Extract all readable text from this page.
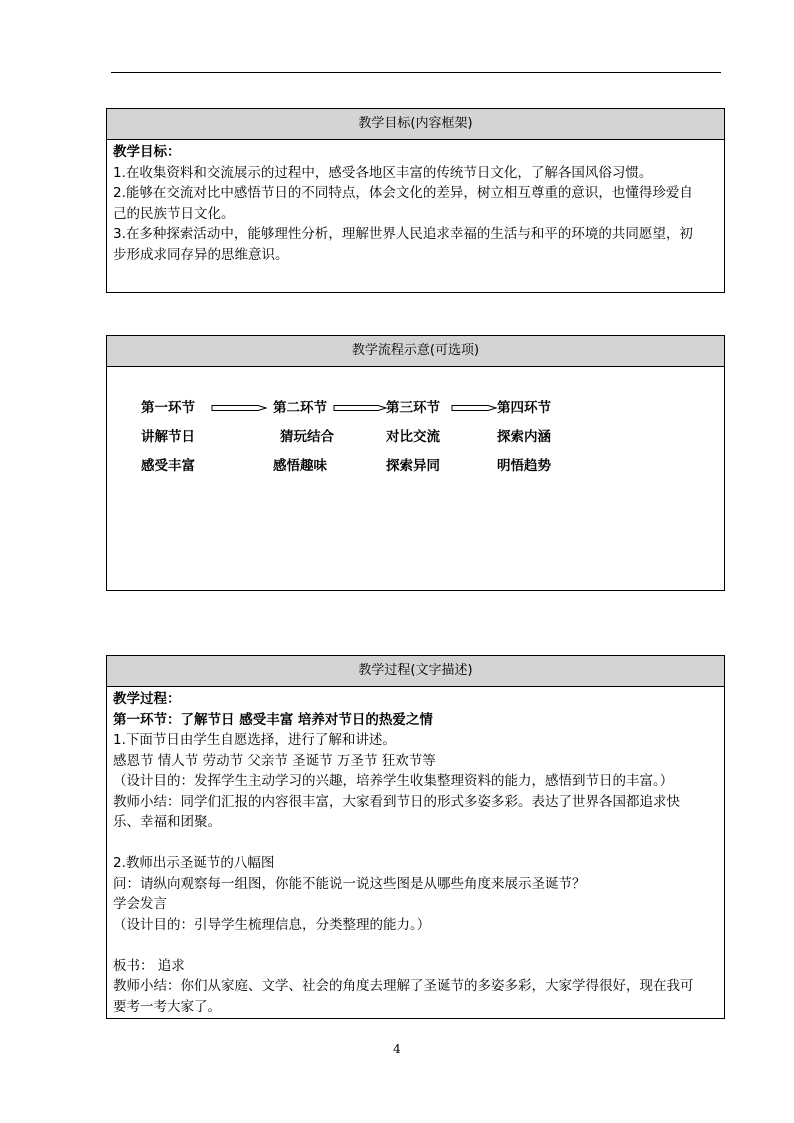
教学目标(内容框架)
教学目标：
1.在收集资料和交流展示的过程中，感受各地区丰富的传统节日文化，了解各国风俗习惯。
2.能够在交流对比中感悟节日的不同特点，体会文化的差异，树立相互尊重的意识，也懂得珍爱自
己的民族节日文化。
3.在多种探索活动中，能够理性分析，理解世界人民追求幸福的生活与和平的环境的共同愿望，初
步形成求同存异的思维意识。
教学流程示意(可选项)
第一环节
讲解节日
感受丰富
第二环节
猜玩结合
感悟趣味
第三环节
对比交流
探索异同
第四环节
探索内涵
明悟趋势
教学过程(文字描述)
教学过程：
第一环节：了解节日 感受丰富 培养对节日的热爱之情
1.下面节日由学生自愿选择，进行了解和讲述。
感恩节 情人节 劳动节 父亲节 圣诞节 万圣节 狂欢节等
（设计目的：发挥学生主动学习的兴趣，培养学生收集整理资料的能力，感悟到节日的丰富。）
教师小结：同学们汇报的内容很丰富，大家看到节日的形式多姿多彩。表达了世界各国都追求快
乐、幸福和团聚。
2.教师出示圣诞节的八幅图
问：请纵向观察每一组图，你能不能说一说这些图是从哪些角度来展示圣诞节？
学会发言
（设计目的：引导学生梳理信息，分类整理的能力。）
板书： 追求
教师小结：你们从家庭、文学、社会的角度去理解了圣诞节的多姿多彩，大家学得很好，现在我可
要考一考大家了。
4
